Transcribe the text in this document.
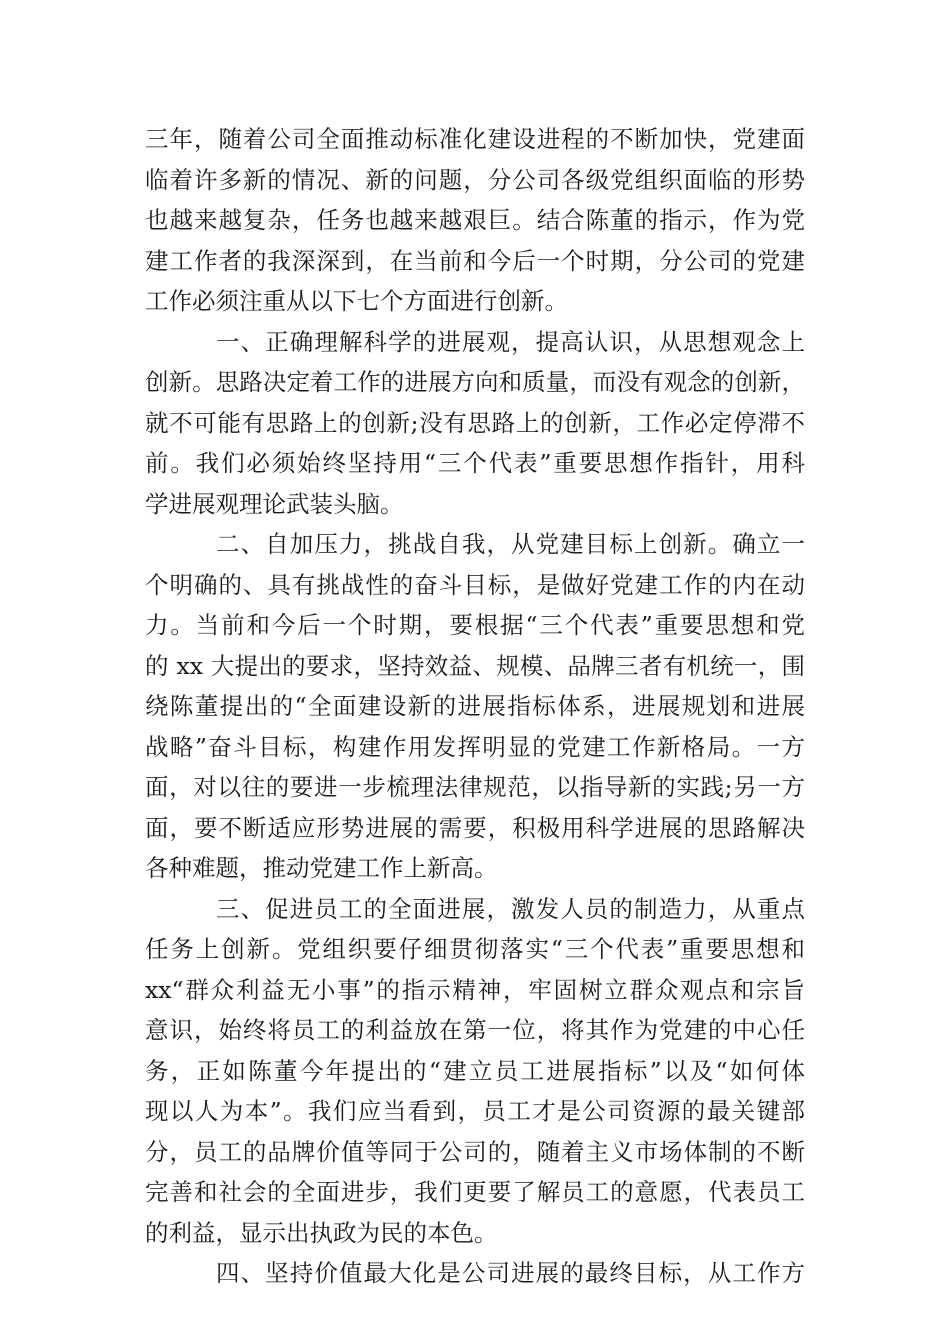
三年，随着公司全面推动标准化建设进程的不断加快，党建面
临着许多新的情况、新的问题，分公司各级党组织面临的形势
也越来越复杂，任务也越来越艰巨。结合陈董的指示，作为党
建工作者的我深深到，在当前和今后一个时期，分公司的党建
工作必须注重从以下七个方面进行创新。
一、正确理解科学的进展观，提高认识，从思想观念上
创新。思路决定着工作的进展方向和质量，而没有观念的创新，
就不可能有思路上的创新;没有思路上的创新，工作必定停滞不
前。我们必须始终坚持用“三个代表”重要思想作指针，用科
学进展观理论武装头脑。
二、自加压力，挑战自我，从党建目标上创新。确立一
个明确的、具有挑战性的奋斗目标，是做好党建工作的内在动
力。当前和今后一个时期，要根据“三个代表”重要思想和党
的 xx 大提出的要求，坚持效益、规模、品牌三者有机统一，围
绕陈董提出的“全面建设新的进展指标体系，进展规划和进展
战略”奋斗目标，构建作用发挥明显的党建工作新格局。一方
面，对以往的要进一步梳理法律规范，以指导新的实践;另一方
面，要不断适应形势进展的需要，积极用科学进展的思路解决
各种难题，推动党建工作上新高。
三、促进员工的全面进展，激发人员的制造力，从重点
任务上创新。党组织要仔细贯彻落实“三个代表”重要思想和
xx“群众利益无小事”的指示精神，牢固树立群众观点和宗旨
意识，始终将员工的利益放在第一位，将其作为党建的中心任
务，正如陈董今年提出的“建立员工进展指标”以及“如何体
现以人为本”。我们应当看到，员工才是公司资源的最关键部
分，员工的品牌价值等同于公司的，随着主义市场体制的不断
完善和社会的全面进步，我们更要了解员工的意愿，代表员工
的利益，显示出执政为民的本色。
四、坚持价值最大化是公司进展的最终目标，从工作方
